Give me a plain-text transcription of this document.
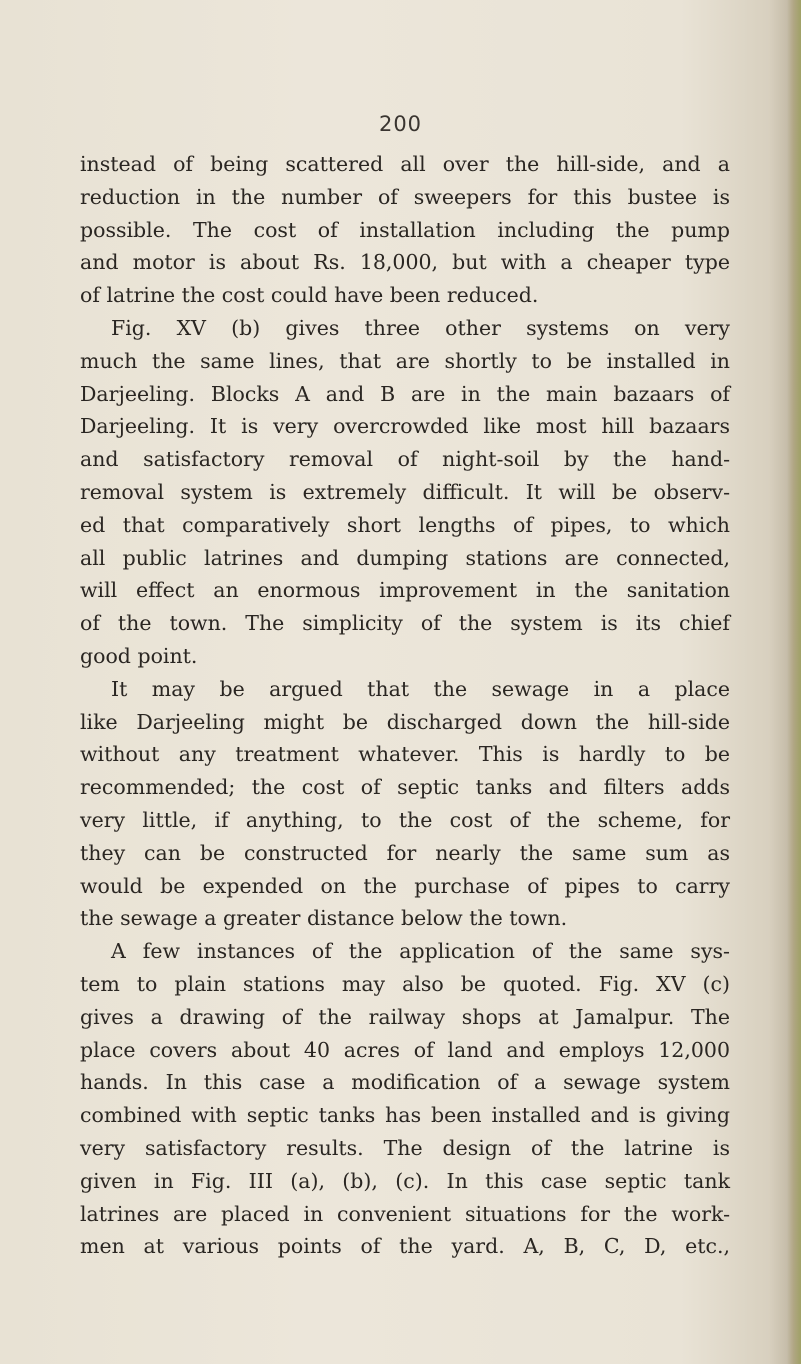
200
instead of being scattered all over the hill-side, and a
reduction in the number of sweepers for this bustee is
possible. The cost of installation including the pump
and motor is about Rs. 18,000, but with a cheaper type
of latrine the cost could have been reduced.
Fig. XV (b) gives three other systems on very
much the same lines, that are shortly to be installed in
Darjeeling. Blocks A and B are in the main bazaars of
Darjeeling. It is very overcrowded like most hill bazaars
and satisfactory removal of night-soil by the hand-
removal system is extremely difficult. It will be observ-
ed that comparatively short lengths of pipes, to which
all public latrines and dumping stations are connected,
will effect an enormous improvement in the sanitation
of the town. The simplicity of the system is its chief
good point.
It may be argued that the sewage in a place
like Darjeeling might be discharged down the hill-side
without any treatment whatever. This is hardly to be
recommended; the cost of septic tanks and filters adds
very little, if anything, to the cost of the scheme, for
they can be constructed for nearly the same sum as
would be expended on the purchase of pipes to carry
the sewage a greater distance below the town.
A few instances of the application of the same sys-
tem to plain stations may also be quoted. Fig. XV (c)
gives a drawing of the railway shops at Jamalpur. The
place covers about 40 acres of land and employs 12,000
hands. In this case a modification of a sewage system
combined with septic tanks has been installed and is giving
very satisfactory results. The design of the latrine is
given in Fig. III (a), (b), (c). In this case septic tank
latrines are placed in convenient situations for the work-
men at various points of the yard. A, B, C, D, etc.,
